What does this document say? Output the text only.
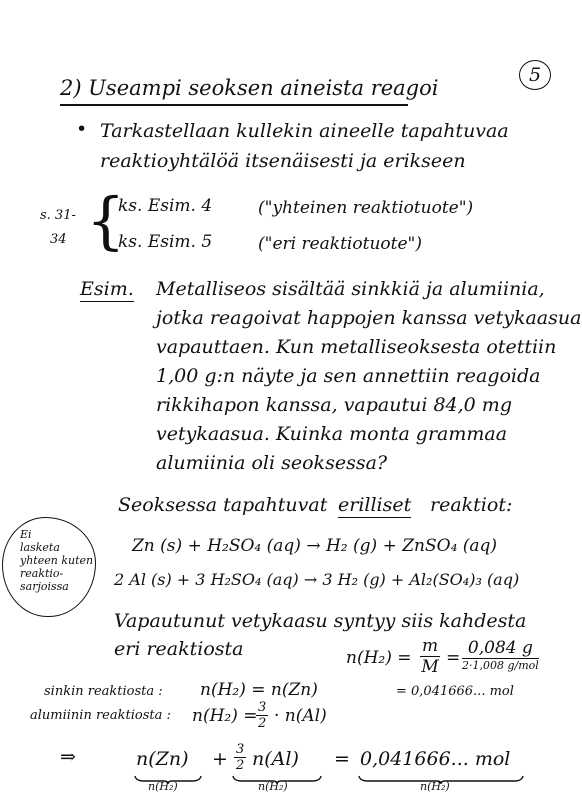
5
2) Useampi seoksen aineista reagoi
• Tarkastellaan kullekin aineelle tapahtuvaa
reaktioyhtälöä itsenäisesti ja erikseen
s. 31-
34 {
ks. Esim. 4	("yhteinen reaktiotuote")
ks. Esim. 5	("eri reaktiotuote")
Esim. Metalliseos sisältää sinkkiä ja alumiinia,
jotka reagoivat happojen kanssa vetykaasua
vapauttaen. Kun metalliseoksesta otettiin
1,00 g:n näyte ja sen annettiin reagoida
rikkihapon kanssa, vapautui 84,0 mg
vetykaasua. Kuinka monta grammaa
alumiinia oli seoksessa?
Seoksessa tapahtuvat erilliset reaktiot:
Ei
lasketa
yhteen kuten
reaktio-
sarjoissa
Zn (s) + H₂SO₄ (aq) → H₂ (g) + ZnSO₄ (aq)
2 Al (s) + 3 H₂SO₄ (aq) → 3 H₂ (g) + Al₂(SO₄)₃ (aq)
Vapautunut vetykaasu syntyy siis kahdesta
eri reaktiosta	$n(H_2) = \frac{m}{M} = 0,084$ g
2·1,008 g/mol
= 0,041666... mol
sinkin reaktiosta : n(H₂) = n(Zn)
alumiinin reaktiosta : n(H₂) =
$\frac{3}{2} \cdot n(Al)$
⇒	n(Zn)
n(H₂)
+ $\frac{3}{2} n(Al)$
n(H₂)
= 0,041666... mol
n(H₂)
